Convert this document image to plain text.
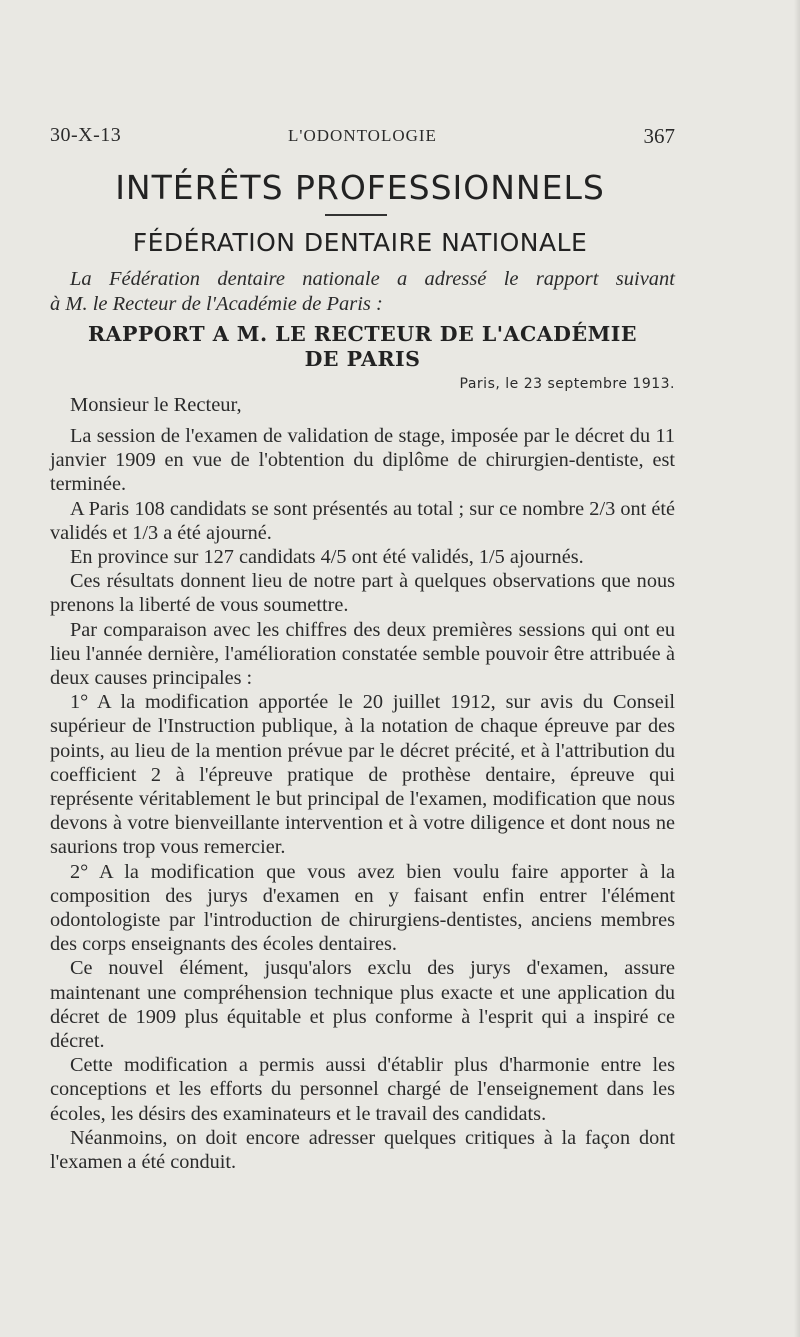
30-X-13	L'ODONTOLOGIE	367
INTÉRÊTS PROFESSIONNELS
FÉDÉRATION DENTAIRE NATIONALE
La Fédération dentaire nationale a adressé le rapport suivant
à M. le Recteur de l'Académie de Paris :
RAPPORT A M. LE RECTEUR DE L'ACADÉMIE
DE PARIS
Paris, le 23 septembre 1913.
Monsieur le Recteur,

La session de l'examen de validation de stage, imposée par le décret du 11 janvier 1909 en vue de l'obtention du diplôme de chirurgien-dentiste, est terminée.

A Paris 108 candidats se sont présentés au total ; sur ce nombre 2/3 ont été validés et 1/3 a été ajourné.

En province sur 127 candidats 4/5 ont été validés, 1/5 ajournés.

Ces résultats donnent lieu de notre part à quelques observations que nous prenons la liberté de vous soumettre.

Par comparaison avec les chiffres des deux premières sessions qui ont eu lieu l'année dernière, l'amélioration constatée semble pouvoir être attribuée à deux causes principales :

1° A la modification apportée le 20 juillet 1912, sur avis du Conseil supérieur de l'Instruction publique, à la notation de chaque épreuve par des points, au lieu de la mention prévue par le décret précité, et à l'attribution du coefficient 2 à l'épreuve pratique de prothèse dentaire, épreuve qui représente véritablement le but principal de l'examen, modification que nous devons à votre bienveillante intervention et à votre diligence et dont nous ne saurions trop vous remercier.

2° A la modification que vous avez bien voulu faire apporter à la composition des jurys d'examen en y faisant enfin entrer l'élément odontologiste par l'introduction de chirurgiens-dentistes, anciens membres des corps enseignants des écoles dentaires.

Ce nouvel élément, jusqu'alors exclu des jurys d'examen, assure maintenant une compréhension technique plus exacte et une application du décret de 1909 plus équitable et plus conforme à l'esprit qui a inspiré ce décret.

Cette modification a permis aussi d'établir plus d'harmonie entre les conceptions et les efforts du personnel chargé de l'enseignement dans les écoles, les désirs des examinateurs et le travail des candidats.

Néanmoins, on doit encore adresser quelques critiques à la façon dont l'examen a été conduit.
